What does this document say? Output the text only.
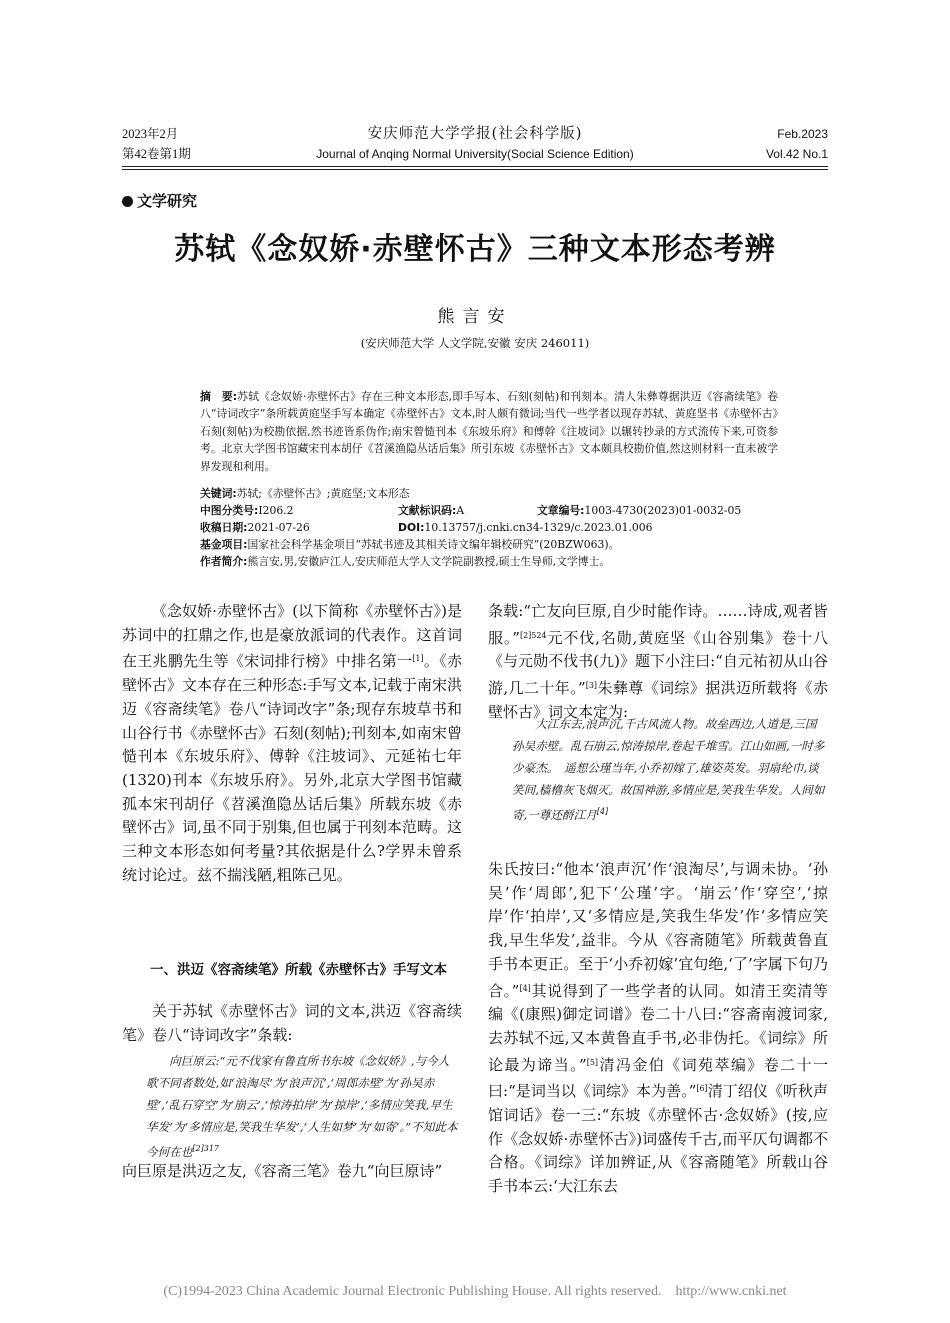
2023年2月
第42卷第1期
安庆师范大学学报(社会科学版)
Journal of Anqing Normal University(Social Science Edition)
Feb.2023
Vol.42 No.1
文学研究
苏轼《念奴娇·赤壁怀古》三种文本形态考辨
熊言安
(安庆师范大学 人文学院,安徽 安庆 246011)
摘　要:苏轼《念奴娇·赤壁怀古》存在三种文本形态,即手写本、石刻(刻帖)和刊刻本。清人朱彝尊据洪迈《容斋续笔》卷八“诗词改字”条所载黄庭坚手写本确定《赤壁怀古》文本,时人颇有微词;当代一些学者以现存苏轼、黄庭坚书《赤壁怀古》石刻(刻帖)为校勘依据,然书迹皆系伪作;南宋曾慥刊本《东坡乐府》和傅幹《注坡词》以辗转抄录的方式流传下来,可资参考。北京大学图书馆藏宋刊本胡仔《苕溪渔隐丛话后集》所引东坡《赤壁怀古》文本颇具校勘价值,然这则材料一直未被学界发现和利用。
关键词:苏轼;《赤壁怀古》;黄庭坚;文本形态
中图分类号:I206.2	文献标识码:A	文章编号:1003-4730(2023)01-0032-05
收稿日期:2021-07-26	DOI:10.13757/j.cnki.cn34-1329/c.2023.01.006
基金项目:国家社会科学基金项目“苏轼书迹及其相关诗文编年辑校研究”(20BZW063)。
作者简介:熊言安,男,安徽庐江人,安庆师范大学人文学院副教授,硕士生导师,文学博士。

《念奴娇·赤壁怀古》(以下简称《赤壁怀古》)是苏词中的扛鼎之作,也是豪放派词的代表作。这首词在王兆鹏先生等《宋词排行榜》中排名第一[1]。《赤壁怀古》文本存在三种形态:手写文本,记载于南宋洪迈《容斋续笔》卷八“诗词改字”条;现存东坡草书和山谷行书《赤壁怀古》石刻(刻帖);刊刻本,如南宋曾慥刊本《东坡乐府》、傅幹《注坡词》、元延祐七年(1320)刊本《东坡乐府》。另外,北京大学图书馆藏孤本宋刊胡仔《苕溪渔隐丛话后集》所载东坡《赤壁怀古》词,虽不同于别集,但也属于刊刻本范畴。这三种文本形态如何考量?其依据是什么?学界未曾系统讨论过。兹不揣浅陋,粗陈己见。

一、洪迈《容斋续笔》所载《赤壁怀古》手写文本

关于苏轼《赤壁怀古》词的文本,洪迈《容斋续笔》卷八“诗词改字”条载:

向巨原云:“元不伐家有鲁直所书东坡《念奴娇》,与今人歌不同者数处,如‘浪淘尽’为‘浪声沉’,‘周郎赤壁’为‘孙吴赤壁’,‘乱石穿空’为‘崩云’,‘惊涛拍岸’为‘掠岸’,‘多情应笑我,早生华发’为‘多情应是,笑我生华发’,‘人生如梦’为‘如寄’。”不知此本今何在也$^{[2]317}$

向巨原是洪迈之友,《容斋三笔》卷九“向巨原诗”

条载:“亡友向巨原,自少时能作诗。……诗成,观者皆服。”$^{[2]524}$元不伐,名勋,黄庭坚《山谷别集》卷十八《与元勋不伐书(九)》题下小注曰:“自元祐初从山谷游,几二十年。”[3]朱彝尊《词综》据洪迈所载将《赤壁怀古》词文本定为:

大江东去,浪声沉,千古风流人物。故垒西边,人道是,三国孙吴赤壁。乱石崩云,惊涛掠岸,卷起千堆雪。江山如画,一时多少豪杰。　遥想公瑾当年,小乔初嫁了,雄姿英发。羽扇纶巾,谈笑间,樯橹灰飞烟灭。故国神游,多情应是,笑我生华发。人间如寄,一尊还酹江月[4]

朱氏按曰:“他本‘浪声沉’作‘浪淘尽’,与调未协。‘孙吴’作‘周郎’,犯下‘公瑾’字。‘崩云’作‘穿空’,‘掠岸’作‘拍岸’,又‘多情应是,笑我生华发’作‘多情应笑我,早生华发’,益非。今从《容斋随笔》所载黄鲁直手书本更正。至于‘小乔初嫁’宜句绝,‘了’字属下句乃合。”[4]其说得到了一些学者的认同。如清王奕清等编《(康熙)御定词谱》卷二十八曰:“容斋南渡词家,去苏轼不远,又本黄鲁直手书,必非伪托。《词综》所论最为谛当。”[5]清冯金伯《词苑萃编》卷二十一曰:“是词当以《词综》本为善。”[6]清丁绍仪《听秋声馆词话》卷一三:“东坡《赤壁怀古·念奴娇》(按,应作《念奴娇·赤壁怀古》)词盛传千古,而平仄句调都不合格。《词综》详加辨证,从《容斋随笔》所载山谷手书本云:‘大江东去

(C)1994-2023 China Academic Journal Electronic Publishing House. All rights reserved.　http://www.cnki.net
